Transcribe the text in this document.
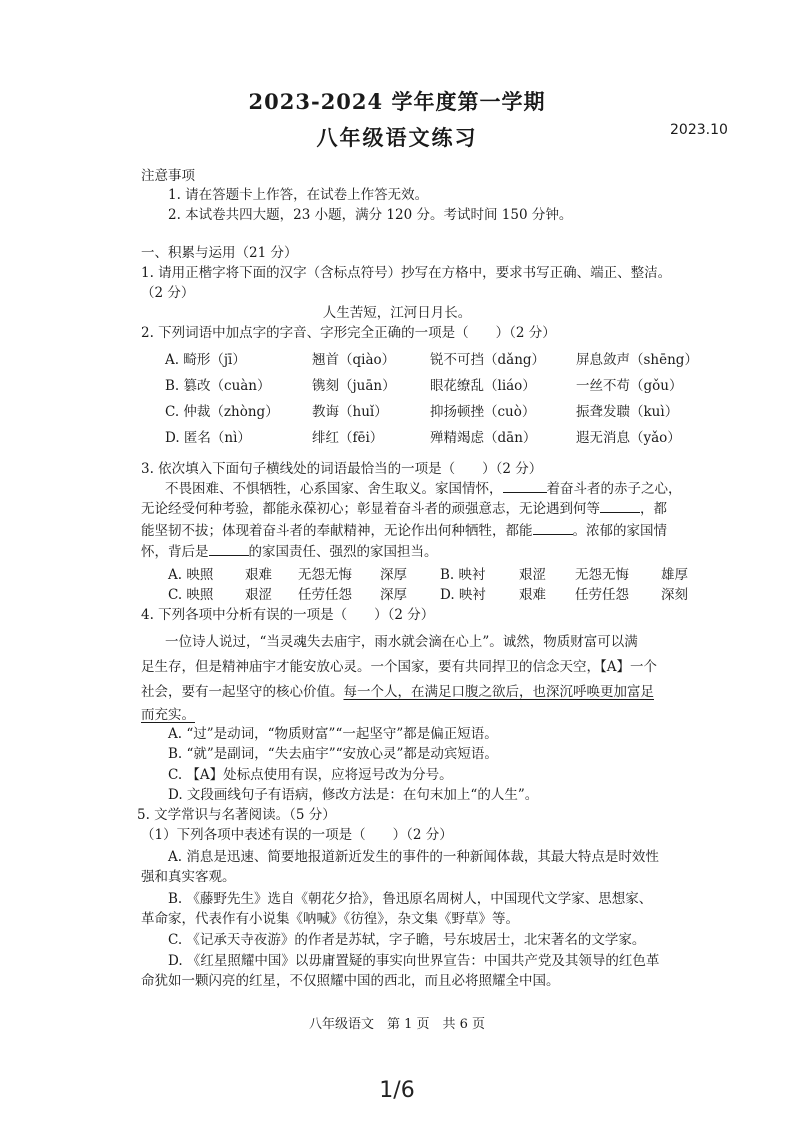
2023-2024 学年度第一学期
八年级语文练习	2023.10
注意事项
1. 请在答题卡上作答，在试卷上作答无效。
2. 本试卷共四大题，23 小题，满分 120 分。考试时间 150 分钟。
一、积累与运用（21 分）
1. 请用正楷字将下面的汉字（含标点符号）抄写在方格中，要求书写正确、端正、整洁。
（2 分）
人生苦短，江河日月长。
2. 下列词语中加点字的字音、字形完全正确的一项是（　　）（2 分）
A. 畸形（jī）	翘首（qiào）	锐不可挡（dǎng） 屏息敛声（shēng）
B. 篡改（cuàn）	镌刻（juān）	眼花缭乱（liáo）	一丝不苟（gǒu）
C. 仲裁（zhòng） 教诲（huǐ）	抑扬顿挫（cuò）	振聋发聩（kuì）
D. 匿名（nì）	绯红（fēi）	殚精竭虑（dān）	遐无消息（yǎo）
3. 依次填入下面句子横线处的词语最恰当的一项是（　　）（2 分）
不畏困难、不惧牺牲，心系国家、舍生取义。家国情怀，	着奋斗者的赤子之心，
无论经受何种考验，都能永葆初心；彰显着奋斗者的顽强意志，无论遇到何等	，都
能坚韧不拔；体现着奋斗者的奉献精神，无论作出何种牺牲，都能	。浓郁的家国情
怀，背后是	的家国责任、强烈的家国担当。
A. 映照 艰难 无怨无悔 深厚 B. 映衬 艰涩 无怨无悔 雄厚
C. 映照 艰涩 任劳任怨 深厚 D. 映衬 艰难 任劳任怨 深刻
4. 下列各项中分析有误的一项是（　　）（2 分）
一位诗人说过，“当灵魂失去庙宇，雨水就会滴在心上”。诚然，物质财富可以满
足生存，但是精神庙宇才能安放心灵。一个国家，要有共同捍卫的信念天空，【A】一个
社会，要有一起坚守的核心价值。每一个人，在满足口腹之欲后，也深沉呼唤更加富足
而充实。
A. “过”是动词，“物质财富”“一起坚守”都是偏正短语。
B. “就”是副词，“失去庙宇”“安放心灵”都是动宾短语。
C. 【A】处标点使用有误，应将逗号改为分号。
D. 文段画线句子有语病，修改方法是：在句末加上“的人生”。
5. 文学常识与名著阅读。（5 分）
（1）下列各项中表述有误的一项是（　　）（2 分）
A. 消息是迅速、简要地报道新近发生的事件的一种新闻体裁，其最大特点是时效性
强和真实客观。
B. 《藤野先生》选自《朝花夕拾》，鲁迅原名周树人，中国现代文学家、思想家、
革命家，代表作有小说集《呐喊》《彷徨》，杂文集《野草》等。
C. 《记承天寺夜游》的作者是苏轼，字子瞻，号东坡居士，北宋著名的文学家。
D. 《红星照耀中国》以毋庸置疑的事实向世界宣告：中国共产党及其领导的红色革
命犹如一颗闪亮的红星，不仅照耀中国的西北，而且必将照耀全中国。
八年级语文　第 1 页　共 6 页
1/6
